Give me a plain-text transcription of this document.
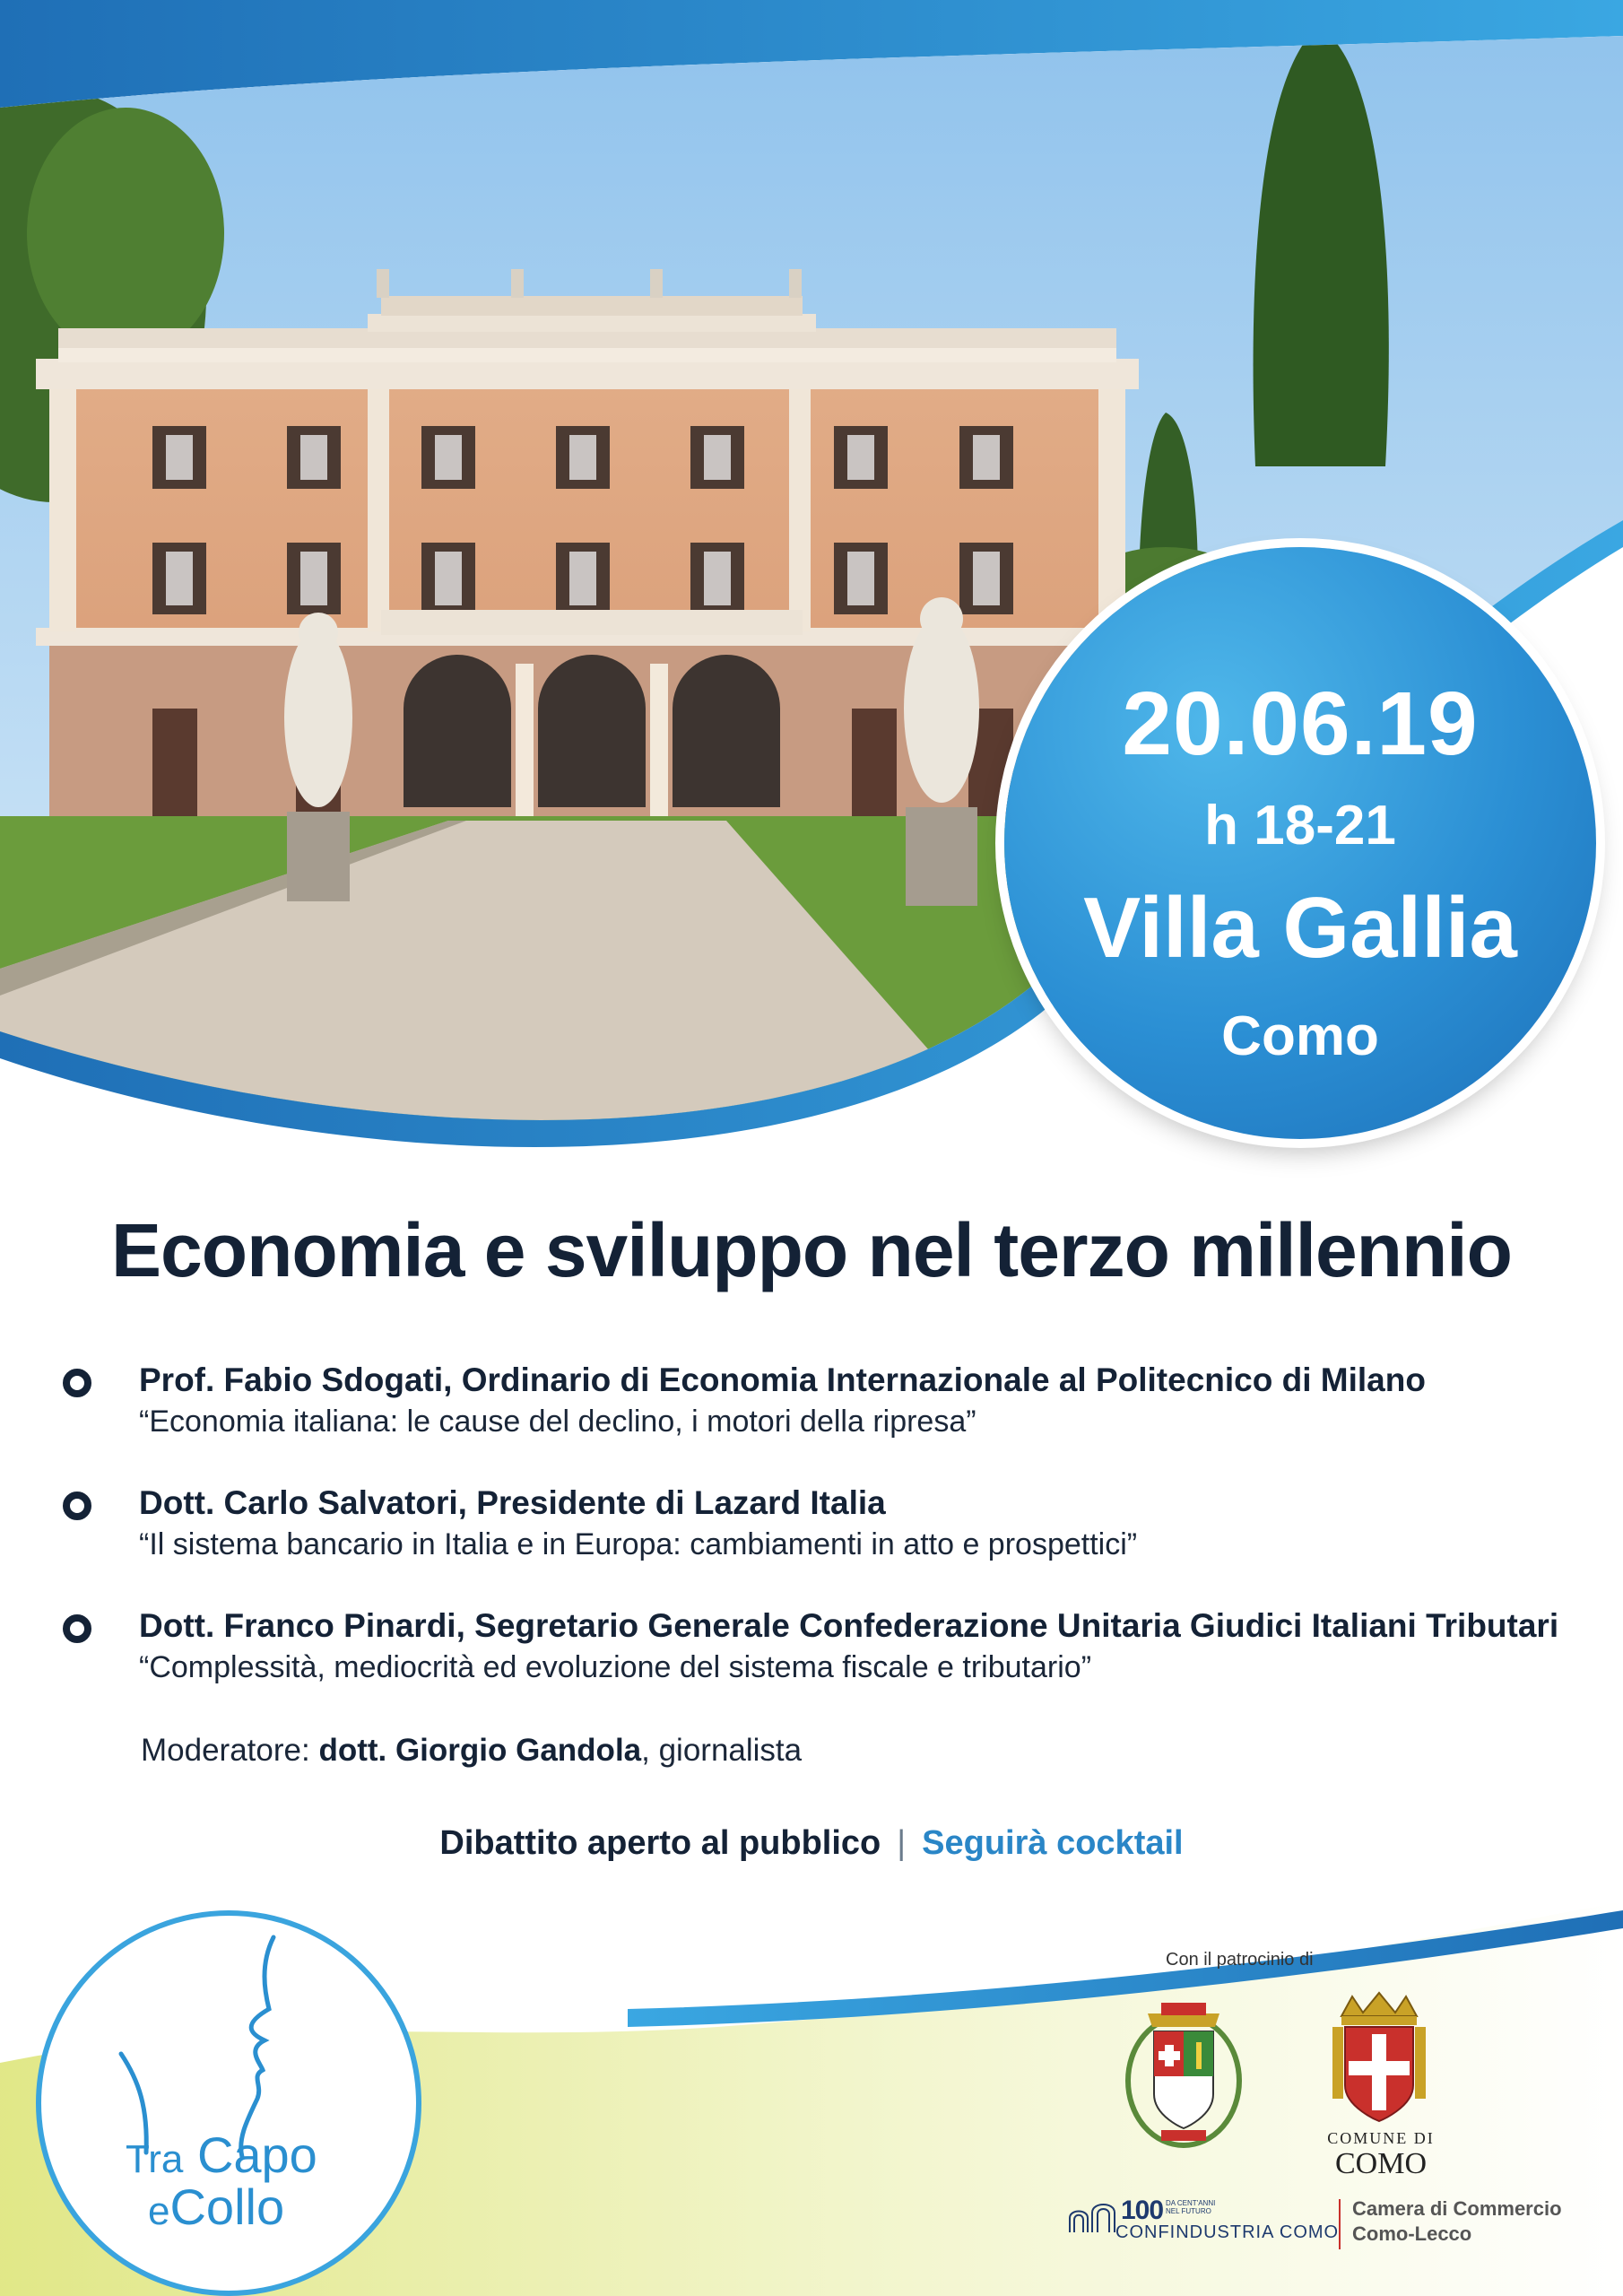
20.06.19
h 18-21
Villa Gallia
Como
Economia e sviluppo nel terzo millennio
Prof. Fabio Sdogati, Ordinario di Economia Internazionale al Politecnico di Milano
“Economia italiana: le cause del declino, i motori della ripresa”
Dott. Carlo Salvatori, Presidente di Lazard Italia
“Il sistema bancario in Italia e in Europa: cambiamenti in atto e prospettici”
Dott. Franco Pinardi, Segretario Generale Confederazione Unitaria Giudici Italiani Tributari
“Complessità, mediocrità ed evoluzione del sistema fiscale e tributario”
Moderatore: dott. Giorgio Gandola, giornalista
Dibattito aperto al pubblico | Seguirà cocktail
Tra Capo
eCollo
Con il patrocinio di
COMUNE DI
COMO
100 DA CENT'ANNI NEL FUTURO
CONFINDUSTRIA COMO
Camera di Commercio
Como-Lecco
